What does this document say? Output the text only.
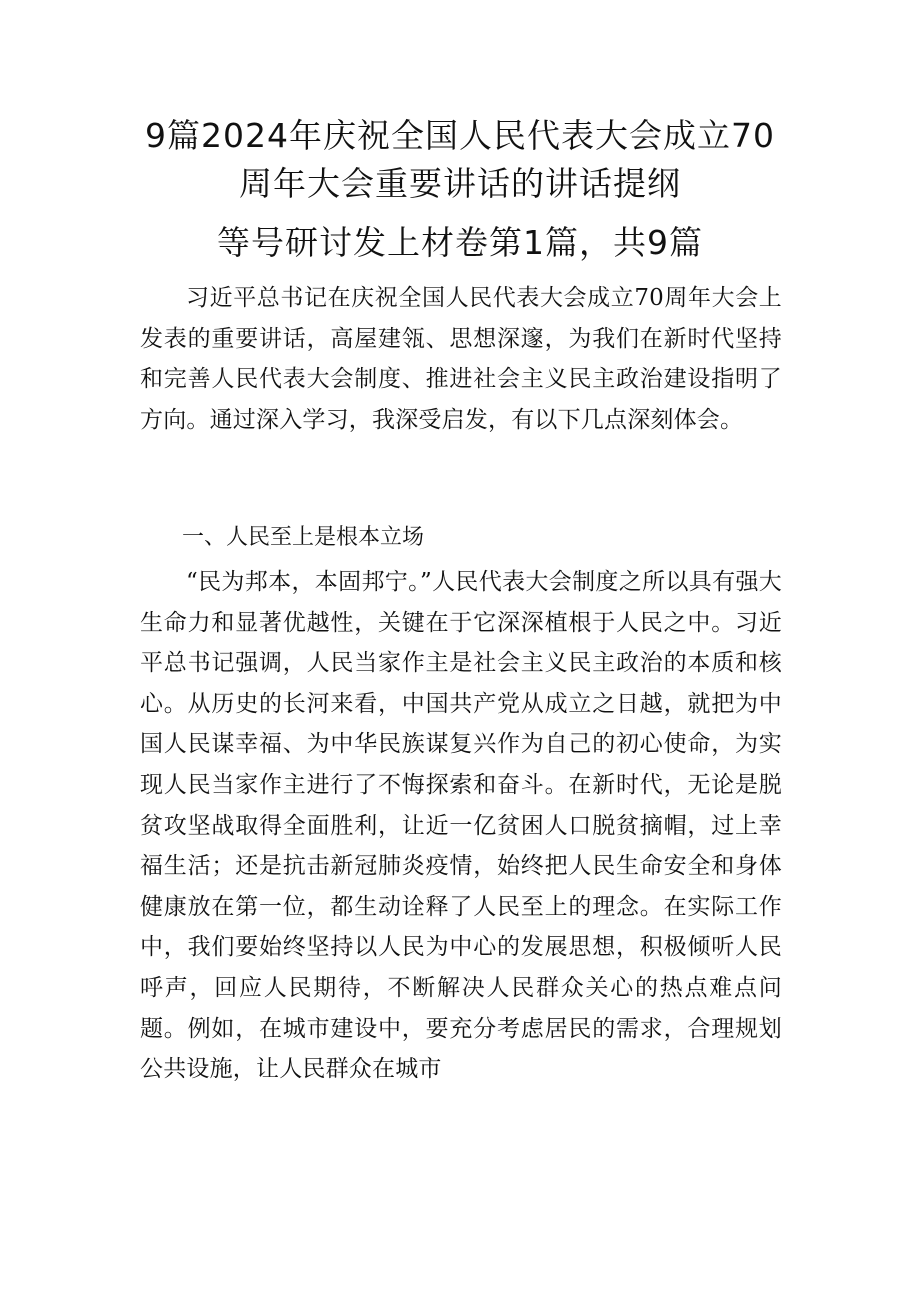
9篇2024年庆祝全国人民代表大会成立70
周年大会重要讲话的讲话提纲
等号研讨发上材卷第1篇，共9篇
习近平总书记在庆祝全国人民代表大会成立70周年大会上发表的重要讲话，高屋建瓴、思想深邃，为我们在新时代坚持和完善人民代表大会制度、推进社会主义民主政治建设指明了方向。通过深入学习，我深受启发，有以下几点深刻体会。
一、人民至上是根本立场
“民为邦本，本固邦宁。”人民代表大会制度之所以具有强大生命力和显著优越性，关键在于它深深植根于人民之中。习近平总书记强调，人民当家作主是社会主义民主政治的本质和核心。从历史的长河来看，中国共产党从成立之日越，就把为中国人民谋幸福、为中华民族谋复兴作为自己的初心使命，为实现人民当家作主进行了不悔探索和奋斗。在新时代，无论是脱贫攻坚战取得全面胜利，让近一亿贫困人口脱贫摘帽，过上幸福生活；还是抗击新冠肺炎疫情，始终把人民生命安全和身体健康放在第一位，都生动诠释了人民至上的理念。在实际工作中，我们要始终坚持以人民为中心的发展思想，积极倾听人民呼声，回应人民期待，不断解决人民群众关心的热点难点问题。例如，在城市建设中，要充分考虑居民的需求，合理规划公共设施，让人民群众在城市
